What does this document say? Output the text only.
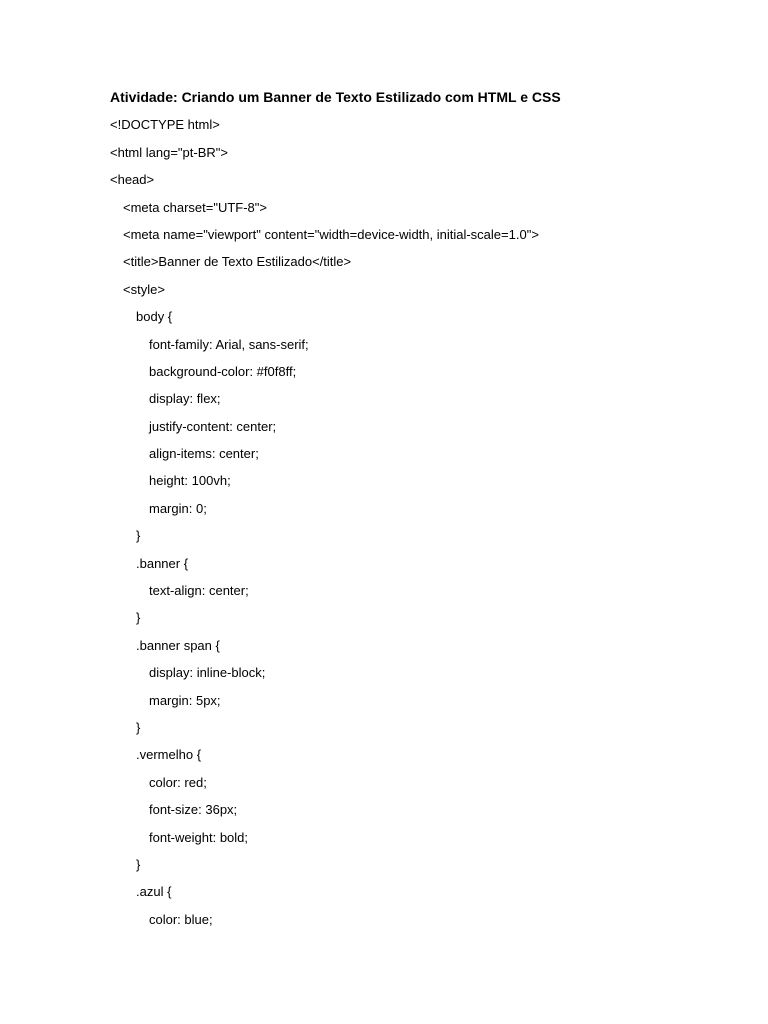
Atividade: Criando um Banner de Texto Estilizado com HTML e CSS
<!DOCTYPE html>
<html lang="pt-BR">
<head>
<meta charset="UTF-8">
<meta name="viewport" content="width=device-width, initial-scale=1.0">
<title>Banner de Texto Estilizado</title>
<style>
body {
font-family: Arial, sans-serif;
background-color: #f0f8ff;
display: flex;
justify-content: center;
align-items: center;
height: 100vh;
margin: 0;
}
.banner {
text-align: center;
}
.banner span {
display: inline-block;
margin: 5px;
}
.vermelho {
color: red;
font-size: 36px;
font-weight: bold;
}
.azul {
color: blue;
